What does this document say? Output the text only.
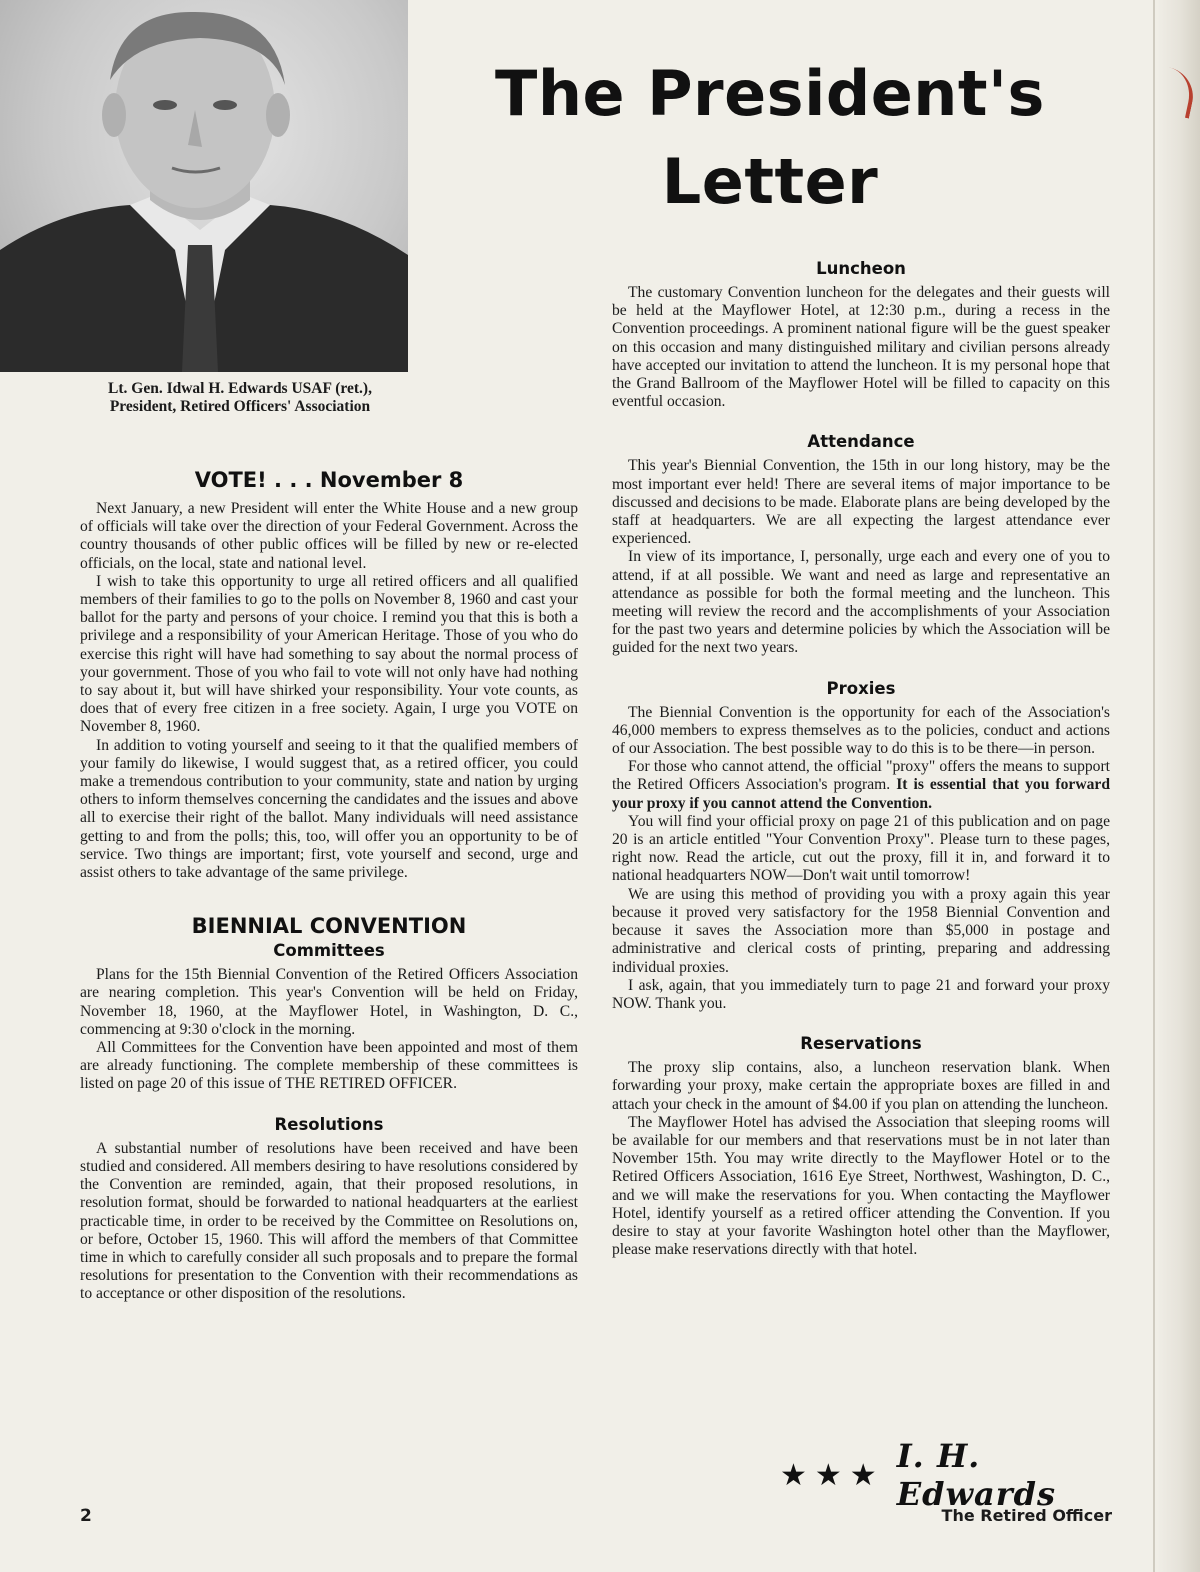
Lt. Gen. Idwal H. Edwards USAF (ret.),
President, Retired Officers' Association
The President's
Letter
VOTE! . . . November 8

Next January, a new President will enter the White House and a new group of officials will take over the direction of your Federal Government. Across the country thousands of other public offices will be filled by new or re-elected officials, on the local, state and national level.

I wish to take this opportunity to urge all retired officers and all qualified members of their families to go to the polls on November 8, 1960 and cast your ballot for the party and persons of your choice. I remind you that this is both a privilege and a responsibility of your American Heritage. Those of you who do exercise this right will have had something to say about the normal process of your government. Those of you who fail to vote will not only have had nothing to say about it, but will have shirked your responsibility. Your vote counts, as does that of every free citizen in a free society. Again, I urge you VOTE on November 8, 1960.

In addition to voting yourself and seeing to it that the qualified members of your family do likewise, I would suggest that, as a retired officer, you could make a tremendous contribution to your community, state and nation by urging others to inform themselves concerning the candidates and the issues and above all to exercise their right of the ballot. Many individuals will need assistance getting to and from the polls; this, too, will offer you an opportunity to be of service. Two things are important; first, vote yourself and second, urge and assist others to take advantage of the same privilege.

BIENNIAL CONVENTION
Committees

Plans for the 15th Biennial Convention of the Retired Officers Association are nearing completion. This year's Convention will be held on Friday, November 18, 1960, at the Mayflower Hotel, in Washington, D. C., commencing at 9:30 o'clock in the morning.

All Committees for the Convention have been appointed and most of them are already functioning. The complete membership of these committees is listed on page 20 of this issue of THE RETIRED OFFICER.

Resolutions

A substantial number of resolutions have been received and have been studied and considered. All members desiring to have resolutions considered by the Convention are reminded, again, that their proposed resolutions, in resolution format, should be forwarded to national headquarters at the earliest practicable time, in order to be received by the Committee on Resolutions on, or before, October 15, 1960. This will afford the members of that Committee time in which to carefully consider all such proposals and to prepare the formal resolutions for presentation to the Convention with their recommendations as to acceptance or other disposition of the resolutions.

Luncheon

The customary Convention luncheon for the delegates and their guests will be held at the Mayflower Hotel, at 12:30 p.m., during a recess in the Convention proceedings. A prominent national figure will be the guest speaker on this occasion and many distinguished military and civilian persons already have accepted our invitation to attend the luncheon. It is my personal hope that the Grand Ballroom of the Mayflower Hotel will be filled to capacity on this eventful occasion.

Attendance

This year's Biennial Convention, the 15th in our long history, may be the most important ever held! There are several items of major importance to be discussed and decisions to be made. Elaborate plans are being developed by the staff at headquarters. We are all expecting the largest attendance ever experienced.

In view of its importance, I, personally, urge each and every one of you to attend, if at all possible. We want and need as large and representative an attendance as possible for both the formal meeting and the luncheon. This meeting will review the record and the accomplishments of your Association for the past two years and determine policies by which the Association will be guided for the next two years.

Proxies

The Biennial Convention is the opportunity for each of the Association's 46,000 members to express themselves as to the policies, conduct and actions of our Association. The best possible way to do this is to be there—in person.

For those who cannot attend, the official "proxy" offers the means to support the Retired Officers Association's program. It is essential that you forward your proxy if you cannot attend the Convention.

You will find your official proxy on page 21 of this publication and on page 20 is an article entitled "Your Convention Proxy". Please turn to these pages, right now. Read the article, cut out the proxy, fill it in, and forward it to national headquarters NOW—Don't wait until tomorrow!

We are using this method of providing you with a proxy again this year because it proved very satisfactory for the 1958 Biennial Convention and because it saves the Association more than $5,000 in postage and administrative and clerical costs of printing, preparing and addressing individual proxies.

I ask, again, that you immediately turn to page 21 and forward your proxy NOW. Thank you.

Reservations

The proxy slip contains, also, a luncheon reservation blank. When forwarding your proxy, make certain the appropriate boxes are filled in and attach your check in the amount of $4.00 if you plan on attending the luncheon.

The Mayflower Hotel has advised the Association that sleeping rooms will be available for our members and that reservations must be in not later than November 15th. You may write directly to the Mayflower Hotel or to the Retired Officers Association, 1616 Eye Street, Northwest, Washington, D. C., and we will make the reservations for you. When contacting the Mayflower Hotel, identify yourself as a retired officer attending the Convention. If you desire to stay at your favorite Washington hotel other than the Mayflower, please make reservations directly with that hotel.

★★★ I. H. Edwards
2	The Retired Officer
